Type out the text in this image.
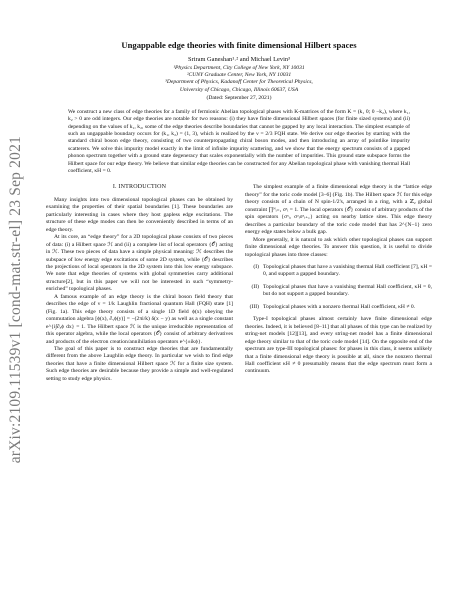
arXiv:2109.11539v1 [cond-mat.str-el] 23 Sep 2021
Ungappable edge theories with finite dimensional Hilbert spaces
Sriram Ganeshan¹˒² and Michael Levin³
¹Physics Department, City College of New York, NY 10031
²CUNY Graduate Center, New York, NY 10031
³Department of Physics, Kadanoff Center for Theoretical Physics,
University of Chicago, Chicago, Illinois 60637, USA
(Dated: September 27, 2021)

We construct a new class of edge theories for a family of fermionic Abelian topological phases with K-matrices of the form K = (k₁ 0; 0 −k₂), where k₁, k₂ > 0 are odd integers. Our edge theories are notable for two reasons: (i) they have finite dimensional Hilbert spaces (for finite sized systems) and (ii) depending on the values of k₁, k₂, some of the edge theories describe boundaries that cannot be gapped by any local interaction. The simplest example of such an ungappable boundary occurs for (k₁, k₂) = (1, 3), which is realized by the ν = 2/3 FQH state. We derive our edge theories by starting with the standard chiral boson edge theory, consisting of two counterpropagating chiral boson modes, and then introducing an array of pointlike impurity scatterers. We solve this impurity model exactly in the limit of infinite impurity scattering, and we show that the energy spectrum consists of a gapped phonon spectrum together with a ground state degeneracy that scales exponentially with the number of impurities. This ground state subspace forms the Hilbert space for our edge theory. We believe that similar edge theories can be constructed for any Abelian topological phase with vanishing thermal Hall coefficient, κH = 0.

I. INTRODUCTION

Many insights into two dimensional topological phases can be obtained by examining the properties of their spatial boundaries [1]. These boundaries are particularly interesting in cases where they host gapless edge excitations. The structure of these edge modes can then be conveniently described in terms of an edge theory.

At its core, an “edge theory” for a 2D topological phase consists of two pieces of data: (i) a Hilbert space ℋ and (ii) a complete list of local operators {𝒪} acting in ℋ. These two pieces of data have a simple physical meaning: ℋ describes the subspace of low energy edge excitations of some 2D system, while {𝒪} describes the projections of local operators in the 2D system into this low energy subspace. We note that edge theories of systems with global symmetries carry additional structure[2], but in this paper we will not be interested in such “symmetry-enriched” topological phases.

A famous example of an edge theory is the chiral boson field theory that describes the edge of ν = 1/k Laughlin fractional quantum Hall (FQH) state [1] (Fig. 1a). This edge theory consists of a single 1D field ϕ(x) obeying the commutation algebra [ϕ(x), ∂ᵧϕ(y)] = −(2πi/k) δ(x − y) as well as a single constant e^{i∫∂ₓϕ dx} = 1. The Hilbert space ℋ is the unique irreducible representation of this operator algebra, while the local operators {𝒪} consist of arbitrary derivatives and products of the electron creation/annihilation operators e^{±ikϕ}.

The goal of this paper is to construct edge theories that are fundamentally different from the above Laughlin edge theory. In particular we wish to find edge theories that have a finite dimensional Hilbert space ℋ for a finite size system. Such edge theories are desirable because they provide a simple and well-regulated setting to study edge physics.

The simplest example of a finite dimensional edge theory is the “lattice edge theory” for the toric code model [3–6] (Fig. 1b). The Hilbert space ℋ for this edge theory consists of a chain of N spin-1/2's, arranged in a ring, with a ℤ₂ global constraint ∏ᴺᵢ₌₁ σᶻᵢ = 1. The local operators {𝒪} consist of arbitrary products of the spin operators {σˣᵢ, σᶻᵢσᶻᵢ₊₁} acting on nearby lattice sites. This edge theory describes a particular boundary of the toric code model that has 2^{N−1} zero energy edge states below a bulk gap.

More generally, it is natural to ask which other topological phases can support finite dimensional edge theories. To answer this question, it is useful to divide topological phases into three classes:

(I) Topological phases that have a vanishing thermal Hall coefficient [7], κH = 0, and support a gapped boundary.
(II) Topological phases that have a vanishing thermal Hall coefficient, κH = 0, but do not support a gapped boundary.
(III) Topological phases with a nonzero thermal Hall coefficient, κH ≠ 0.

Type-I topological phases almost certainly have finite dimensional edge theories. Indeed, it is believed [8–11] that all phases of this type can be realized by string-net models [12][13], and every string-net model has a finite dimensional edge theory similar to that of the toric code model [14]. On the opposite end of the spectrum are type-III topological phases: for phases in this class, it seems unlikely that a finite dimensional edge theory is possible at all, since the nonzero thermal Hall coefficient κH ≠ 0 presumably means that the edge spectrum must form a continuum.
